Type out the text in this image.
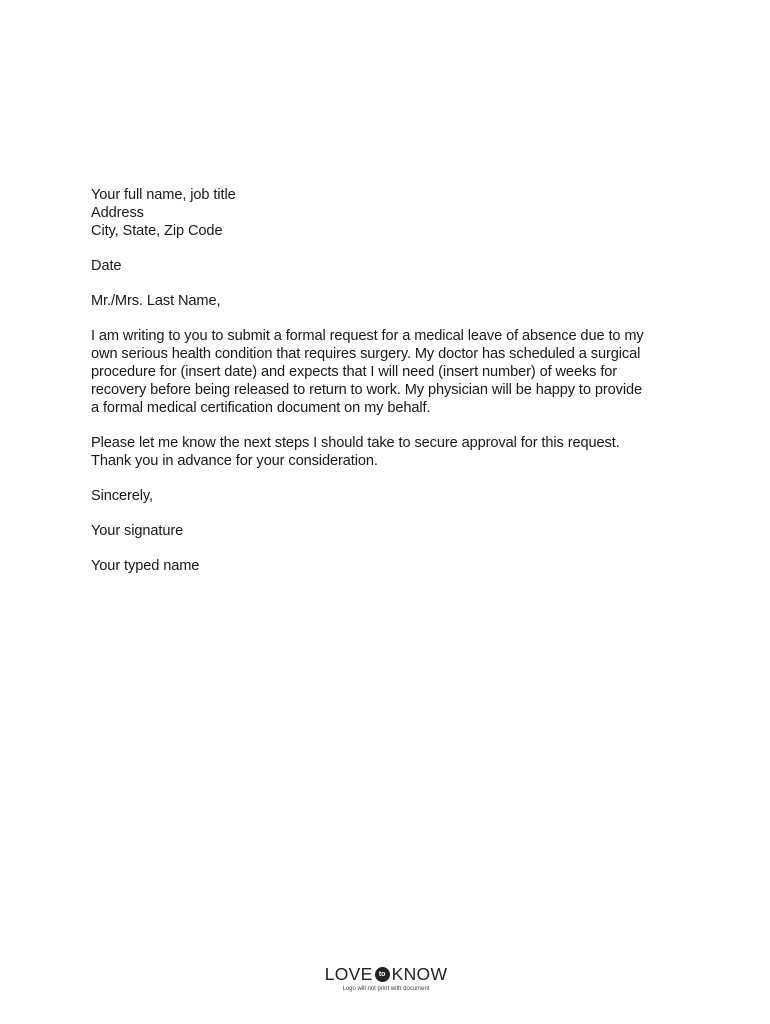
Your full name, job title

Address

City, State, Zip Code

Date

Mr./Mrs. Last Name,

I am writing to you to submit a formal request for a medical leave of absence due to my

own serious health condition that requires surgery. My doctor has scheduled a surgical

procedure for (insert date) and expects that I will need (insert number) of weeks for

recovery before being released to return to work. My physician will be happy to provide

a formal medical certification document on my behalf.

Please let me know the next steps I should take to secure approval for this request.

Thank you in advance for your consideration.

Sincerely,

Your signature

Your typed name

LOVE to KNOW
Logo will not print with document
